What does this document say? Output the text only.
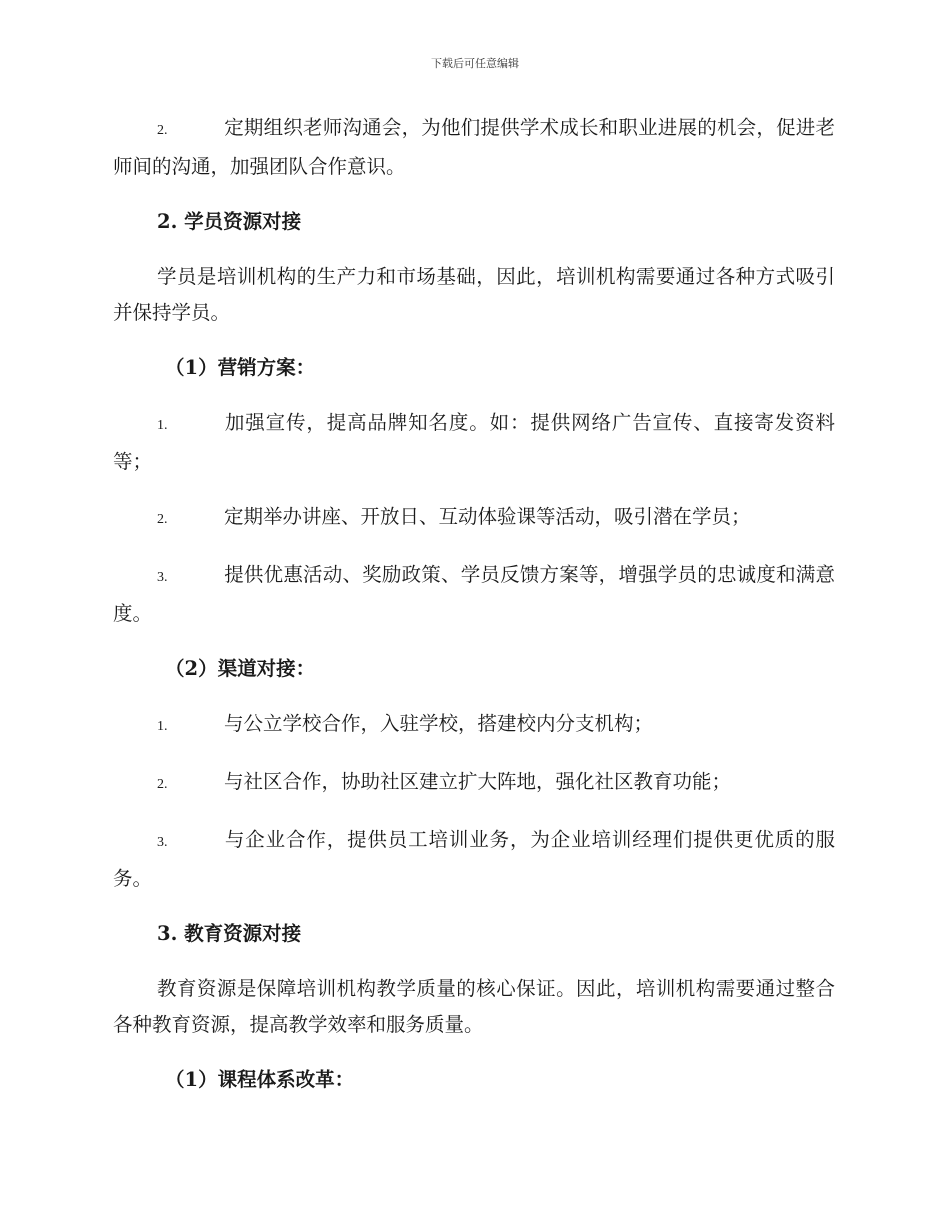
下载后可任意编辑
2.	定期组织老师沟通会，为他们提供学术成长和职业进展的机会，促进老师间的沟通，加强团队合作意识。
2. 学员资源对接
学员是培训机构的生产力和市场基础，因此，培训机构需要通过各种方式吸引并保持学员。
（1）营销方案：
1.	加强宣传，提高品牌知名度。如：提供网络广告宣传、直接寄发资料等；
2.	定期举办讲座、开放日、互动体验课等活动，吸引潜在学员；
3.	提供优惠活动、奖励政策、学员反馈方案等，增强学员的忠诚度和满意度。
（2）渠道对接：
1.	与公立学校合作，入驻学校，搭建校内分支机构；
2.	与社区合作，协助社区建立扩大阵地，强化社区教育功能；
3.	与企业合作，提供员工培训业务，为企业培训经理们提供更优质的服务。
3. 教育资源对接
教育资源是保障培训机构教学质量的核心保证。因此，培训机构需要通过整合各种教育资源，提高教学效率和服务质量。
（1）课程体系改革：
